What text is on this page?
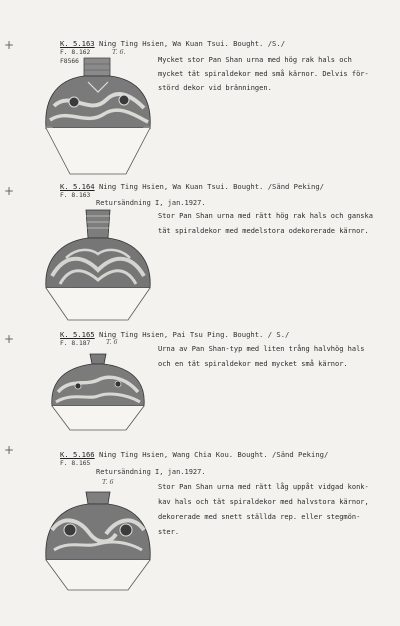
+
+
+
+
K. 5.163 Ning Ting Hsien, Wa Kuan Tsui. Bought. /S./
F. 8.162	T. 6.
F8566	Mycket stor Pan Shan urna med hög rak hals och
mycket tät spiraldekor med små kärnor. Delvis för-
störd dekor vid bränningen.
K. 5.164 Ning Ting Hsien, Wa Kuan Tsui. Bought. /Sänd Peking/
F. 8.163
Retursändning I, jan.1927.
Stor Pan Shan urna med rätt hög rak hals och ganska
tät spiraldekor med medelstora odekorerade kärnor.
K. 5.165 Ning Ting Hsien, Pai Tsu Ping. Bought. / S./
F. 8.187 T. 6
Urna av Pan Shan-typ med liten trång halvhög hals
och en tät spiraldekor med mycket små kärnor.
K. 5.166 Ning Ting Hsien, Wang Chia Kou. Bought. /Sänd Peking/
F. 8.165
Retursändning I, jan.1927.
T. 6
Stor Pan Shan urna med rätt låg uppåt vidgad konk-
kav hals och tät spiraldekor med halvstora kärnor,
dekorerade med snett ställda rep. eller stegmön-
ster.
